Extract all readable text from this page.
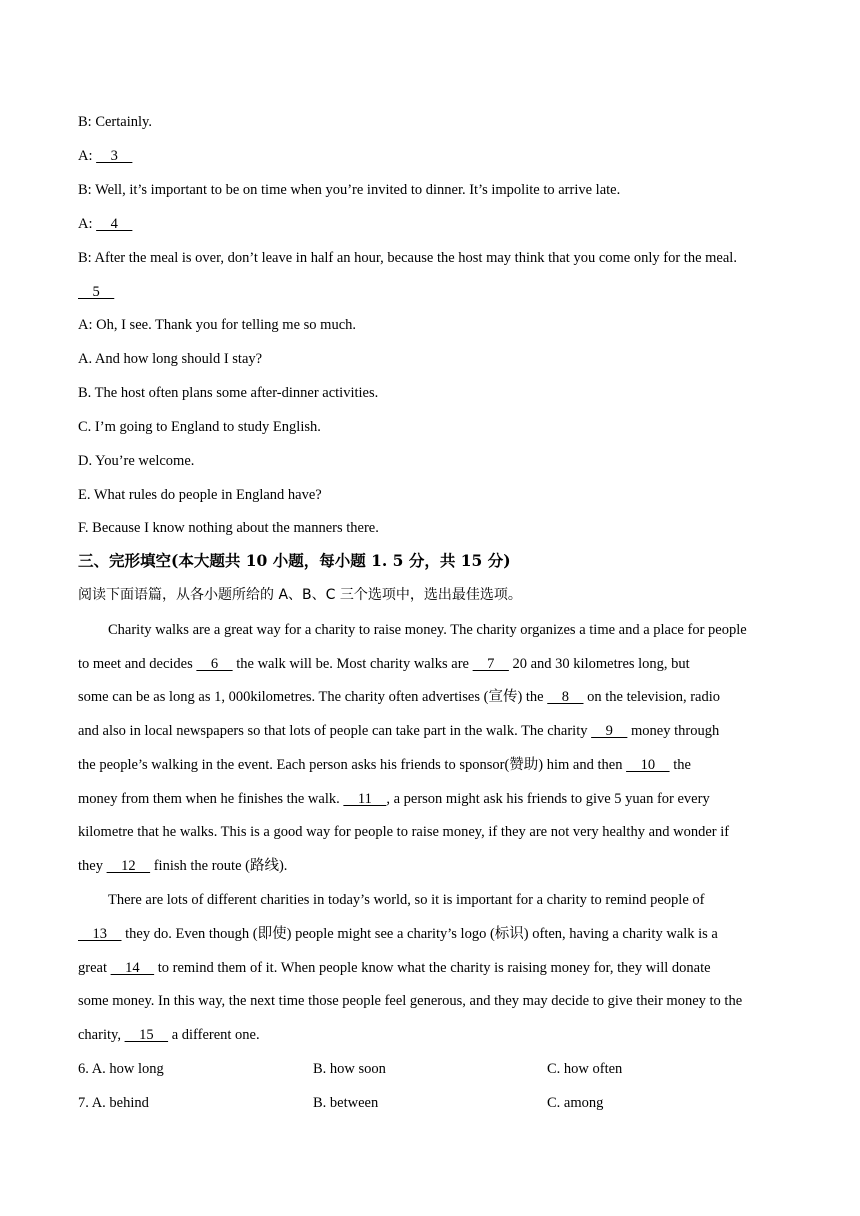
B: Certainly.
A:     3
B: Well, it’s important to be on time when you’re invited to dinner. It’s impolite to arrive late.
A:     4
B: After the meal is over, don’t leave in half an hour, because the host may think that you come only for the meal.
5
A: Oh, I see. Thank you for telling me so much.
A. And how long should I stay?
B. The host often plans some after-dinner activities.
C. I’m going to England to study English.
D. You’re welcome.
E. What rules do people in England have?
F. Because I know nothing about the manners there.
三、完形填空(本大题共 10 小题，每小题 1. 5 分，共 15 分)
阅读下面语篇，从各小题所给的 A、B、C 三个选项中，选出最佳选项。
Charity walks are a great way for a charity to raise money. The charity organizes a time and a place for people
to meet and decides     6     the walk will be. Most charity walks are     7     20 and 30 kilometres long, but
some can be as long as 1, 000kilometres. The charity often advertises (宣传) the     8     on the television, radio
and also in local newspapers so that lots of people can take part in the walk. The charity     9     money through
the people’s walking in the event. Each person asks his friends to sponsor(赞助) him and then     10     the
money from them when he finishes the walk.     11    , a person might ask his friends to give 5 yuan for every
kilometre that he walks. This is a good way for people to raise money, if they are not very healthy and wonder if
they     12     finish the route (路线).
There are lots of different charities in today’s world, so it is important for a charity to remind people of
13     they do. Even though (即使) people might see a charity’s logo (标识) often, having a charity walk is a
great     14     to remind them of it. When people know what the charity is raising money for, they will donate
some money. In this way, the next time those people feel generous, and they may decide to give their money to the
charity,     15     a different one.
6. A. how long	B. how soon	C. how often
7. A. behind	B. between	C. among
